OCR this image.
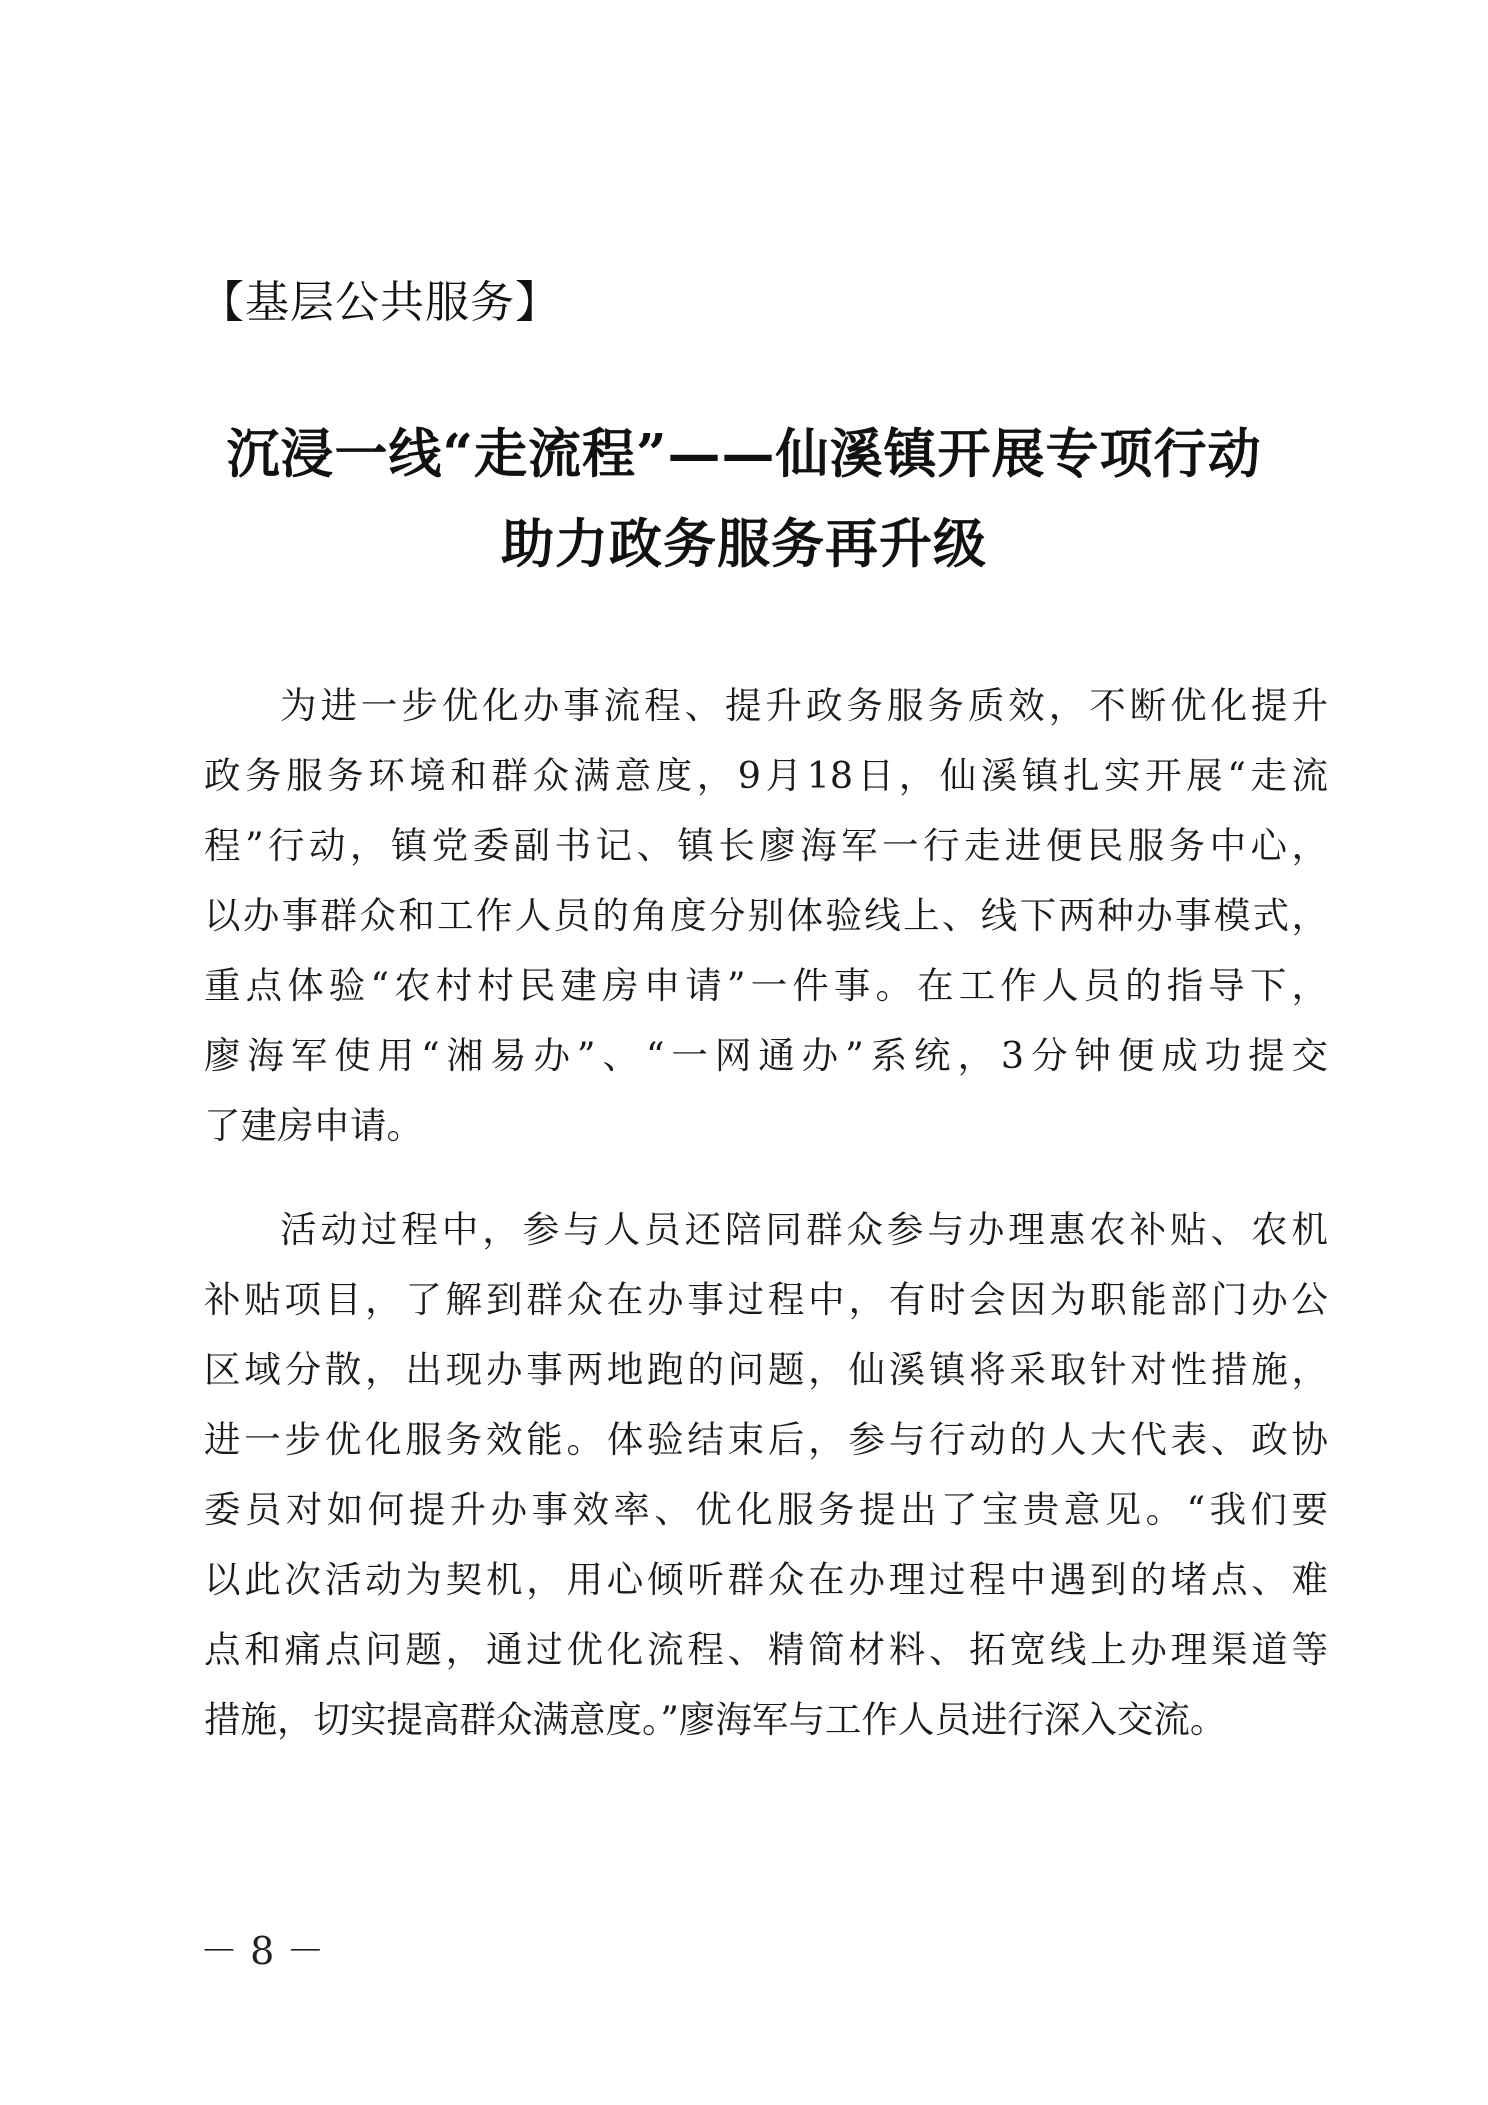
【基层公共服务】
沉浸一线“走流程”——仙溪镇开展专项行动
助力政务服务再升级
为进一步优化办事流程、提升政务服务质效，不断优化提升
政务服务环境和群众满意度，9月18日，仙溪镇扎实开展“走流
程”行动，镇党委副书记、镇长廖海军一行走进便民服务中心，
以办事群众和工作人员的角度分别体验线上、线下两种办事模式，
重点体验“农村村民建房申请”一件事。在工作人员的指导下，
廖海军使用“湘易办”、“一网通办”系统，3分钟便成功提交
了建房申请。
活动过程中，参与人员还陪同群众参与办理惠农补贴、农机
补贴项目，了解到群众在办事过程中，有时会因为职能部门办公
区域分散，出现办事两地跑的问题，仙溪镇将采取针对性措施，
进一步优化服务效能。体验结束后，参与行动的人大代表、政协
委员对如何提升办事效率、优化服务提出了宝贵意见。“我们要
以此次活动为契机，用心倾听群众在办理过程中遇到的堵点、难
点和痛点问题，通过优化流程、精简材料、拓宽线上办理渠道等
措施，切实提高群众满意度。”廖海军与工作人员进行深入交流。
－ 8 －
